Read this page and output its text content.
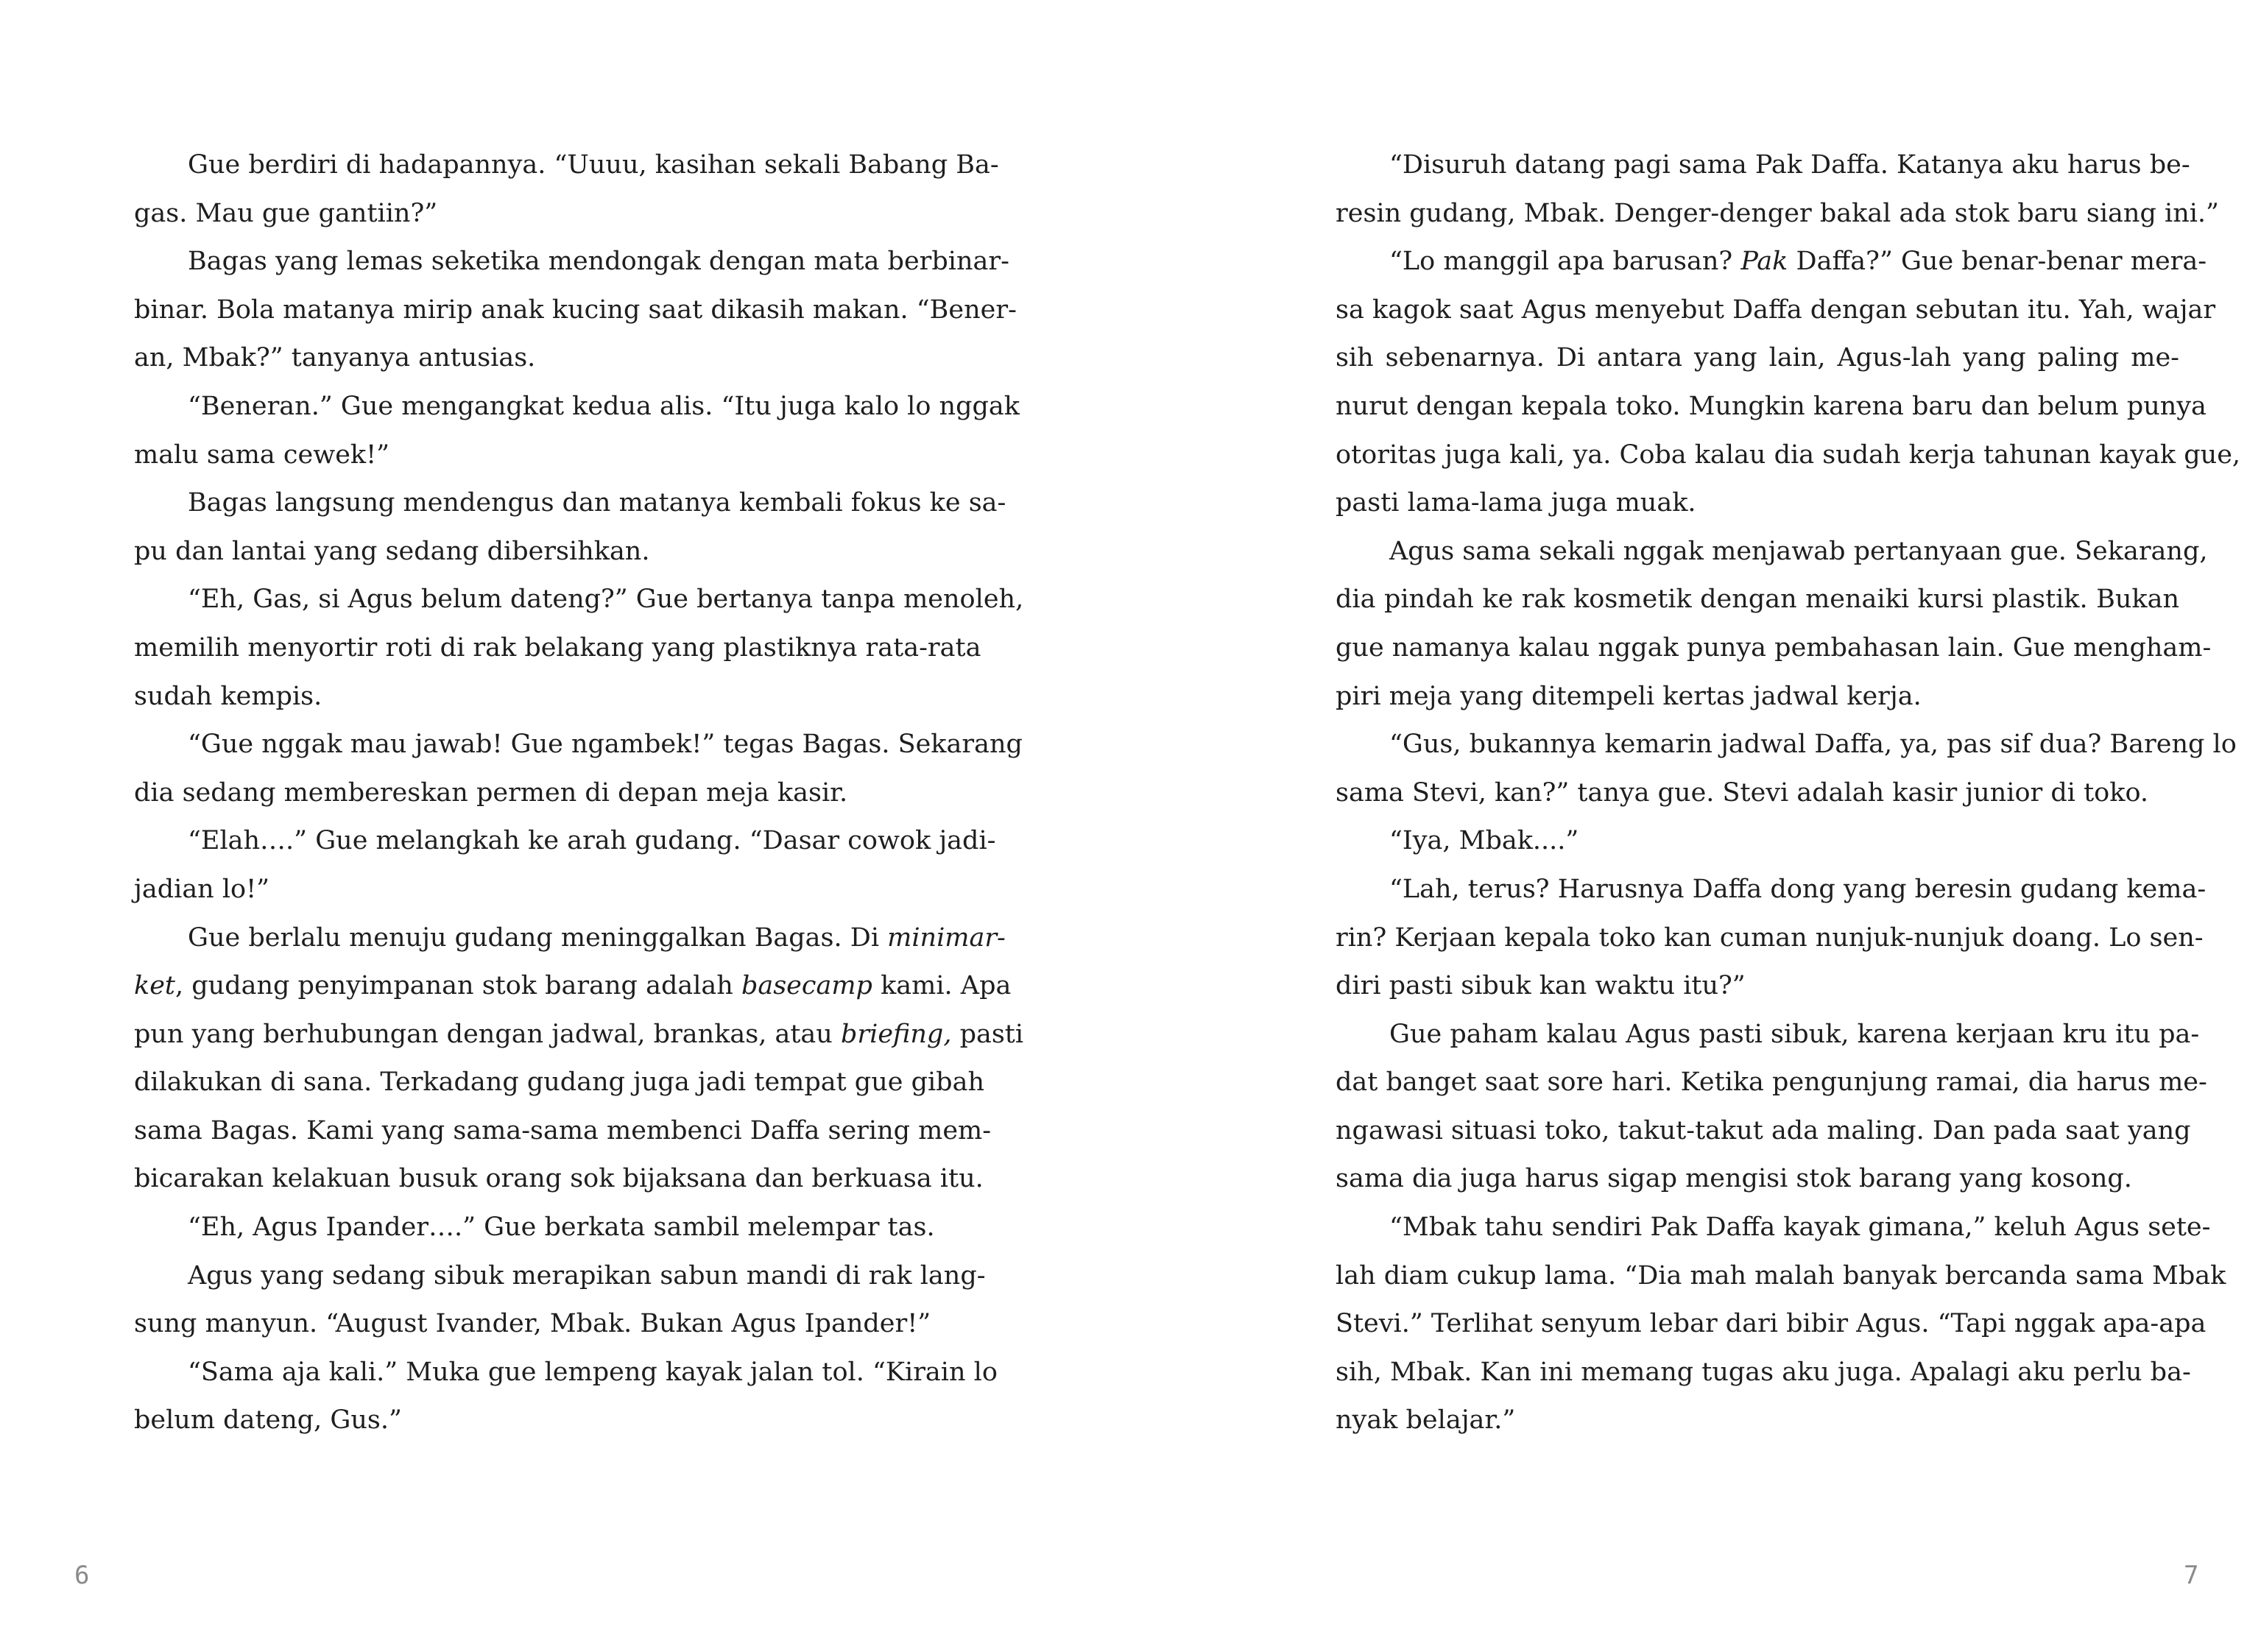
Gue berdiri di hadapannya. “Uuuu, kasihan sekali Babang Ba-
gas. Mau gue gantiin?”
Bagas yang lemas seketika mendongak dengan mata berbinar-
binar. Bola matanya mirip anak kucing saat dikasih makan. “Bener-
an, Mbak?” tanyanya antusias.
“Beneran.” Gue mengangkat kedua alis. “Itu juga kalo lo nggak
malu sama cewek!”
Bagas langsung mendengus dan matanya kembali fokus ke sa-
pu dan lantai yang sedang dibersihkan.
“Eh, Gas, si Agus belum dateng?” Gue bertanya tanpa menoleh,
memilih menyortir roti di rak belakang yang plastiknya rata-rata
sudah kempis.
“Gue nggak mau jawab! Gue ngambek!” tegas Bagas. Sekarang
dia sedang membereskan permen di depan meja kasir.
“Elah….” Gue melangkah ke arah gudang. “Dasar cowok jadi-
jadian lo!”
Gue berlalu menuju gudang meninggalkan Bagas. Di minimar-
ket, gudang penyimpanan stok barang adalah basecamp kami. Apa
pun yang berhubungan dengan jadwal, brankas, atau briefing, pasti
dilakukan di sana. Terkadang gudang juga jadi tempat gue gibah
sama Bagas. Kami yang sama-sama membenci Daffa sering mem-
bicarakan kelakuan busuk orang sok bijaksana dan berkuasa itu.
“Eh, Agus Ipander….” Gue berkata sambil melempar tas.
Agus yang sedang sibuk merapikan sabun mandi di rak lang-
sung manyun. “August Ivander, Mbak. Bukan Agus Ipander!”
“Sama aja kali.” Muka gue lempeng kayak jalan tol. “Kirain lo
belum dateng, Gus.”
6
“Disuruh datang pagi sama Pak Daffa. Katanya aku harus be-
resin gudang, Mbak. Denger-denger bakal ada stok baru siang ini.”
“Lo manggil apa barusan? Pak Daffa?” Gue benar-benar mera-
sa kagok saat Agus menyebut Daffa dengan sebutan itu. Yah, wajar
sih sebenarnya. Di antara yang lain, Agus-lah yang paling me-
nurut dengan kepala toko. Mungkin karena baru dan belum punya
otoritas juga kali, ya. Coba kalau dia sudah kerja tahunan kayak gue,
pasti lama-lama juga muak.
Agus sama sekali nggak menjawab pertanyaan gue. Sekarang,
dia pindah ke rak kosmetik dengan menaiki kursi plastik. Bukan
gue namanya kalau nggak punya pembahasan lain. Gue mengham-
piri meja yang ditempeli kertas jadwal kerja.
“Gus, bukannya kemarin jadwal Daffa, ya, pas sif dua? Bareng lo
sama Stevi, kan?” tanya gue. Stevi adalah kasir junior di toko.
“Iya, Mbak....”
“Lah, terus? Harusnya Daffa dong yang beresin gudang kema-
rin? Kerjaan kepala toko kan cuman nunjuk-nunjuk doang. Lo sen-
diri pasti sibuk kan waktu itu?”
Gue paham kalau Agus pasti sibuk, karena kerjaan kru itu pa-
dat banget saat sore hari. Ketika pengunjung ramai, dia harus me-
ngawasi situasi toko, takut-takut ada maling. Dan pada saat yang
sama dia juga harus sigap mengisi stok barang yang kosong.
“Mbak tahu sendiri Pak Daffa kayak gimana,” keluh Agus sete-
lah diam cukup lama. “Dia mah malah banyak bercanda sama Mbak
Stevi.” Terlihat senyum lebar dari bibir Agus. “Tapi nggak apa-apa
sih, Mbak. Kan ini memang tugas aku juga. Apalagi aku perlu ba-
nyak belajar.”
7
